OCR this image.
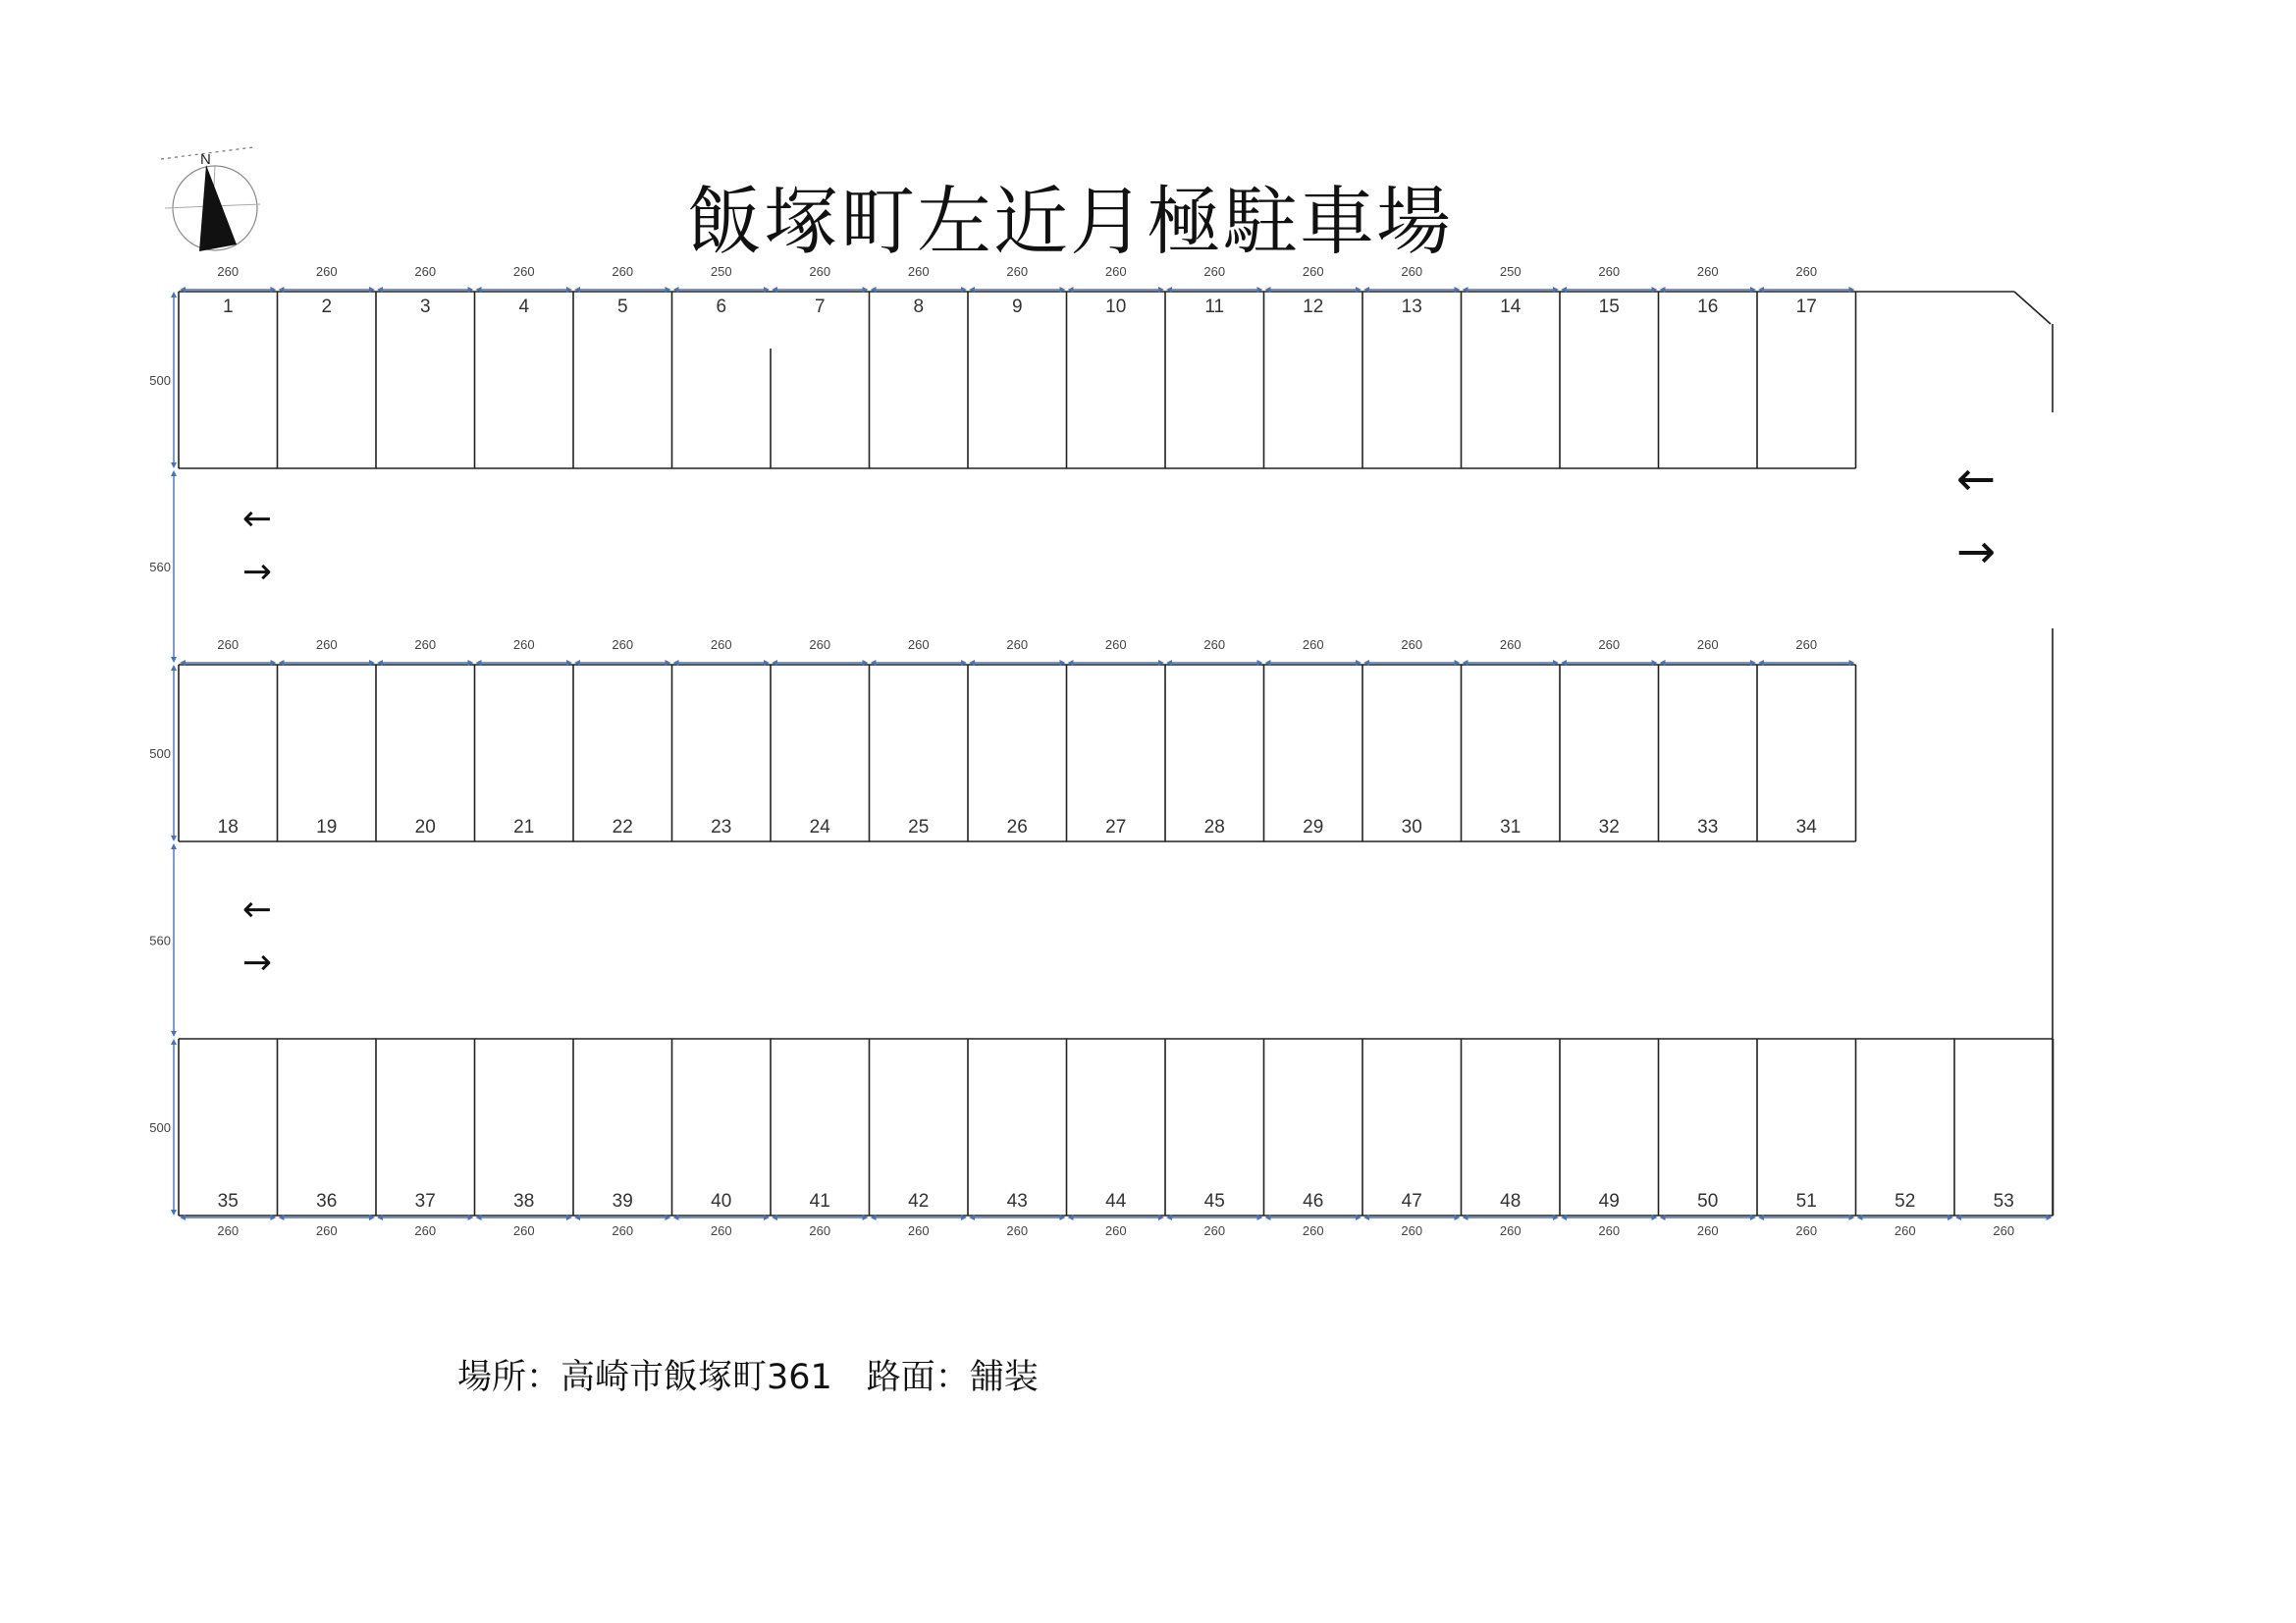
1
260
2
260
3
260
4
260
5
260
6
250
7
260
8
260
9
260
10
260
11
260
12
260
13
260
14
250
15
260
16
260
17
260
500
18
260
19
260
20
260
21
260
22
260
23
260
24
260
25
260
26
260
27
260
28
260
29
260
30
260
31
260
32
260
33
260
34
260
500
35
260
36
260
37
260
38
260
39
260
40
260
41
260
42
260
43
260
44
260
45
260
46
260
47
260
48
260
49
260
50
260
51
260
52
260
53
260
500
560
560
←
→
←
→
←
→
N
飯塚町左近月極駐車場
場所：高崎市飯塚町361　路面：舗装
